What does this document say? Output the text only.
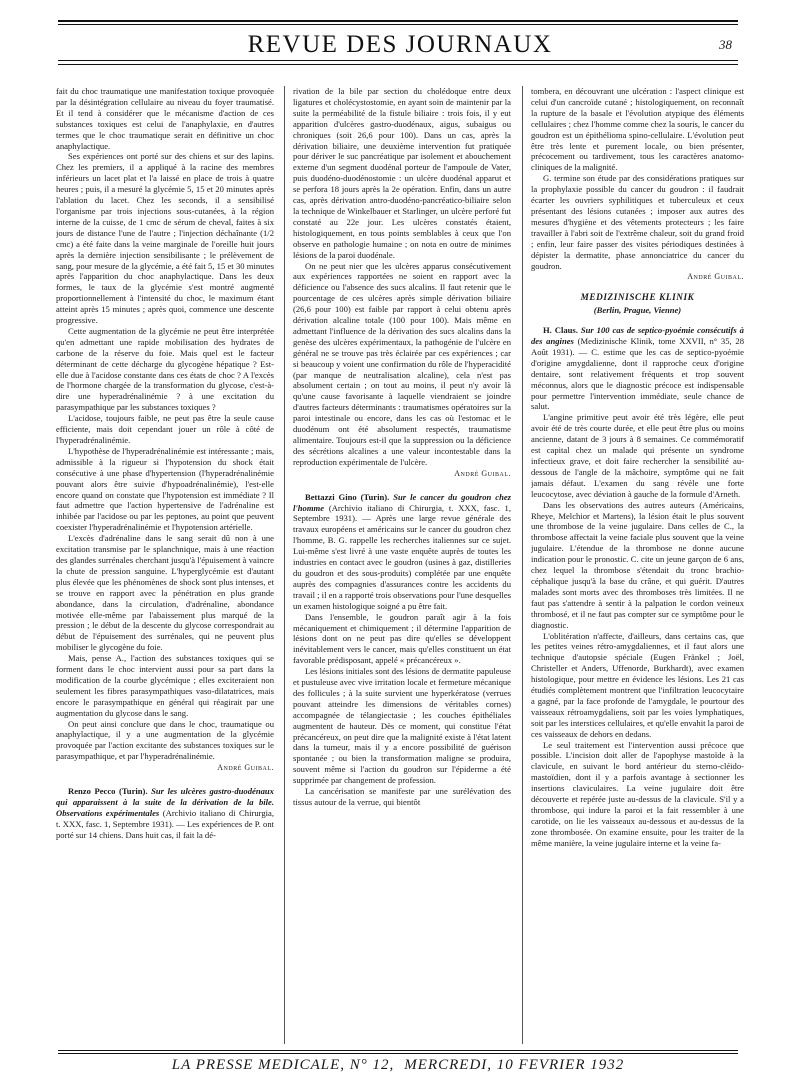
REVUE DES JOURNAUX	38

fait du choc traumatique une manifestation toxique provoquée par la désintégration cellulaire au niveau du foyer traumatisé. Et il tend à considérer que le mécanisme d'action de ces substances toxiques est celui de l'anaphylaxie, en d'autres termes que le choc traumatique serait en définitive un choc anaphylactique.

Ses expériences ont porté sur des chiens et sur des lapins. Chez les premiers, il a appliqué à la racine des membres inférieurs un lacet plat et l'a laissé en place de trois à quatre heures ; puis, il a mesuré la glycémie 5, 15 et 20 minutes après l'ablation du lacet. Chez les seconds, il a sensibilisé l'organisme par trois injections sous-cutanées, à la région interne de la cuisse, de 1 cmc de sérum de cheval, faites à six jours de distance l'une de l'autre ; l'injection déchaînante (1/2 cmc) a été faite dans la veine marginale de l'oreille huit jours après la dernière injection sensibilisante ; le prélèvement de sang, pour mesure de la glycémie, a été fait 5, 15 et 30 minutes après l'apparition du choc anaphylactique. Dans les deux formes, le taux de la glycémie s'est montré augmenté proportionnellement à l'intensité du choc, le maximum étant atteint après 15 minutes ; après quoi, commence une descente progressive.

Cette augmentation de la glycémie ne peut être interprétée qu'en admettant une rapide mobilisation des hydrates de carbone de la réserve du foie. Mais quel est le facteur déterminant de cette décharge du glycogène hépatique ? Est-elle due à l'acidose constante dans ces états de choc ? A l'excès de l'hormone chargée de la transformation du glycose, c'est-à-dire une hyperadrénalinémie ? à une excitation du parasympathique par les substances toxiques ?

L'acidose, toujours faible, ne peut pas être la seule cause efficiente, mais doit cependant jouer un rôle à côté de l'hyperadrénalinémie.

L'hypothèse de l'hyperadrénalinémie est intéressante ; mais, admissible à la rigueur si l'hypotension du shock était consécutive à une phase d'hypertension (l'hyperadrénalinémie pouvant alors être suivie d'hypoadrénalinémie), l'est-elle encore quand on constate que l'hypotension est immédiate ? Il faut admettre que l'action hypertensive de l'adrénaline est inhibée par l'acidose ou par les peptones, au point que peuvent coexister l'hyperadrénalinémie et l'hypotension artérielle.

L'excès d'adrénaline dans le sang serait dû non à une excitation transmise par le splanchnique, mais à une réaction des glandes surrénales cherchant jusqu'à l'épuisement à vaincre la chute de pression sanguine. L'hyperglycémie est d'autant plus élevée que les phénomènes de shock sont plus intenses, et se trouve en rapport avec la pénétration en plus grande abondance, dans la circulation, d'adrénaline, abondance motivée elle-même par l'abaissement plus marqué de la pression ; le début de la descente du glycose correspondrait au début de l'épuisement des surrénales, qui ne peuvent plus mobiliser le glycogène du foie.

Mais, pense A., l'action des substances toxiques qui se forment dans le choc intervient aussi pour sa part dans la modification de la courbe glycémique ; elles exciteraient non seulement les fibres parasympathiques vaso-dilatatrices, mais encore le parasympathique en général qui réagirait par une augmentation du glycose dans le sang.

On peut ainsi conclure que dans le choc, traumatique ou anaphylactique, il y a une augmentation de la glycémie provoquée par l'action excitante des substances toxiques sur le parasympathique, et par l'hyperadrénalinémie.

André Guibal.

Renzo Pecco (Turin). Sur les ulcères gastro-duodénaux qui apparaissent à la suite de la dérivation de la bile. Observations expérimentales (Archivio italiano di Chirurgia, t. XXX, fasc. 1, Septembre 1931). — Les expériences de P. ont porté sur 14 chiens. Dans huit cas, il fait la dé-

rivation de la bile par section du cholédoque entre deux ligatures et cholécystostomie, en ayant soin de maintenir par la suite la perméabilité de la fistule biliaire : trois fois, il y eut apparition d'ulcères gastro-duodénaux, aigus, subaigus ou chroniques (soit 26,6 pour 100). Dans un cas, après la dérivation biliaire, une deuxième intervention fut pratiquée pour dériver le suc pancréatique par isolement et abouchement externe d'un segment duodénal porteur de l'ampoule de Vater, puis duodéno-duodénostomie : un ulcère duodénal apparut et se perfora 18 jours après la 2e opération. Enfin, dans un autre cas, après dérivation antro-duodéno-pancréatico-biliaire selon la technique de Winkelbauer et Starlinger, un ulcère perforé fut constaté au 22e jour. Les ulcères constatés étaient, histologiquement, en tous points semblables à ceux que l'on observe en pathologie humaine ; on nota en outre de minimes lésions de la paroi duodénale.

On ne peut nier que les ulcères apparus consécutivement aux expériences rapportées ne soient en rapport avec la déficience ou l'absence des sucs alcalins. Il faut retenir que le pourcentage de ces ulcères après simple dérivation biliaire (26,6 pour 100) est faible par rapport à celui obtenu après dérivation alcaline totale (100 pour 100). Mais même en admettant l'influence de la dérivation des sucs alcalins dans la genèse des ulcères expérimentaux, la pathogénie de l'ulcère en général ne se trouve pas très éclairée par ces expériences ; car si beaucoup y voient une confirmation du rôle de l'hyperacidité (par manque de neutralisation alcaline), cela n'est pas absolument certain ; on tout au moins, il peut n'y avoir là qu'une cause favorisante à laquelle viendraient se joindre d'autres facteurs déterminants : traumatismes opératoires sur la paroi intestinale ou encore, dans les cas où l'estomac et le duodénum ont été absolument respectés, traumatisme alimentaire. Toujours est-il que la suppression ou la déficience des sécrétions alcalines a une valeur incontestable dans la reproduction expérimentale de l'ulcère.

André Guibal.

Bettazzi Gino (Turin). Sur le cancer du goudron chez l'homme (Archivio italiano di Chirurgia, t. XXX, fasc. 1, Septembre 1931). — Après une large revue générale des travaux européens et américains sur le cancer du goudron chez l'homme, B. G. rappelle les recherches italiennes sur ce sujet. Lui-même s'est livré à une vaste enquête auprès de toutes les industries en contact avec le goudron (usines à gaz, distilleries du goudron et des sous-produits) complétée par une enquête auprès des compagnies d'assurances contre les accidents du travail ; il en a rapporté trois observations pour l'une desquelles un examen histologique soigné a pu être fait.

Dans l'ensemble, le goudron paraît agir à la fois mécaniquement et chimiquement ; il détermine l'apparition de lésions dont on ne peut pas dire qu'elles se développent inévitablement vers le cancer, mais qu'elles constituent un état favorable prédisposant, appelé « précancéreux ».

Les lésions initiales sont des lésions de dermatite papuleuse et pustuleuse avec vive irritation locale et fermeture mécanique des follicules ; à la suite survient une hyperkératose (verrues pouvant atteindre les dimensions de véritables cornes) accompagnée de télangiectasie ; les couches épithéliales augmentent de hauteur. Dès ce moment, qui constitue l'état précancéreux, on peut dire que la malignité existe à l'état latent dans la tumeur, mais il y a encore possibilité de guérison spontanée ; ou bien la transformation maligne se produira, souvent même si l'action du goudron sur l'épiderme a été supprimée par changement de profession.

La cancérisation se manifeste par une surélévation des tissus autour de la verrue, qui bientôt

tombera, en découvrant une ulcération : l'aspect clinique est celui d'un cancroïde cutané ; histologiquement, on reconnaît la rupture de la basale et l'évolution atypique des éléments cellulaires ; chez l'homme comme chez la souris, le cancer du goudron est un épithélioma spino-cellulaire. L'évolution peut être très lente et purement locale, ou bien présenter, précocement ou tardivement, tous les caractères anatomo-cliniques de la malignité.

G. termine son étude par des considérations pratiques sur la prophylaxie possible du cancer du goudron : il faudrait écarter les ouvriers syphilitiques et tuberculeux et ceux présentant des lésions cutanées ; imposer aux autres des mesures d'hygiène et des vêtements protecteurs ; les faire travailler à l'abri soit de l'extrême chaleur, soit du grand froid ; enfin, leur faire passer des visites périodiques destinées à dépister la dermatite, phase annonciatrice du cancer du goudron.

André Guibal.
MEDIZINISCHE KLINIK
(Berlin, Prague, Vienne)

H. Claus. Sur 100 cas de septico-pyoémie consécutifs à des angines (Medizinische Klinik, tome XXVII, n° 35, 28 Août 1931). — C. estime que les cas de septico-pyoémie d'origine amygdalienne, dont il rapproche ceux d'origine dentaire, sont relativement fréquents et trop souvent méconnus, alors que le diagnostic précoce est indispensable pour permettre l'intervention immédiate, seule chance de salut.

L'angine primitive peut avoir été très légère, elle peut avoir été de très courte durée, et elle peut être plus ou moins ancienne, datant de 3 jours à 8 semaines. Ce commémoratif est capital chez un malade qui présente un syndrome infectieux grave, et doit faire rechercher la sensibilité au-dessous de l'angle de la mâchoire, symptôme qui ne fait jamais défaut. L'examen du sang révèle une forte leucocytose, avec déviation à gauche de la formule d'Arneth.

Dans les observations des autres auteurs (Américains, Rheye, Melchior et Martens), la lésion était le plus souvent une thrombose de la veine jugulaire. Dans celles de C., la thrombose affectait la veine faciale plus souvent que la veine jugulaire. L'étendue de la thrombose ne donne aucune indication pour le pronostic. C. cite un jeune garçon de 6 ans, chez lequel la thrombose s'étendait du tronc brachio-céphalique jusqu'à la base du crâne, et qui guérit. D'autres malades sont morts avec des thromboses très limitées. Il ne faut pas s'attendre à sentir à la palpation le cordon veineux thrombosé, et il ne faut pas compter sur ce symptôme pour le diagnostic.

L'oblitération n'affecte, d'ailleurs, dans certains cas, que les petites veines rétro-amygdaliennes, et il faut alors une technique d'autopsie spéciale (Eugen Fränkel ; Joël, Christeller et Anders, Uffenorde, Burkhardt), avec examen histologique, pour mettre en évidence les lésions. Les 21 cas étudiés complètement montrent que l'infiltration leucocytaire a gagné, par la face profonde de l'amygdale, le pourtour des vaisseaux rétroamygdaliens, soit par les voies lymphatiques, soit par les interstices cellulaires, et qu'elle envahit la paroi de ces vaisseaux de dehors en dedans.

Le seul traitement est l'intervention aussi précoce que possible. L'incision doit aller de l'apophyse mastoïde à la clavicule, en suivant le bord antérieur du sterno-cléido-mastoïdien, dont il y a parfois avantage à sectionner les insertions claviculaires. La veine jugulaire doit être découverte et repérée juste au-dessus de la clavicule. S'il y a thrombose, qui indure la paroi et la fait ressembler à une carotide, on lie les vaisseaux au-dessous et au-dessus de la zone thrombosée. On examine ensuite, pour les traiter de la même manière, la veine jugulaire interne et la veine fa-

LA PRESSE MEDICALE, N° 12, MERCREDI, 10 FEVRIER 1932
